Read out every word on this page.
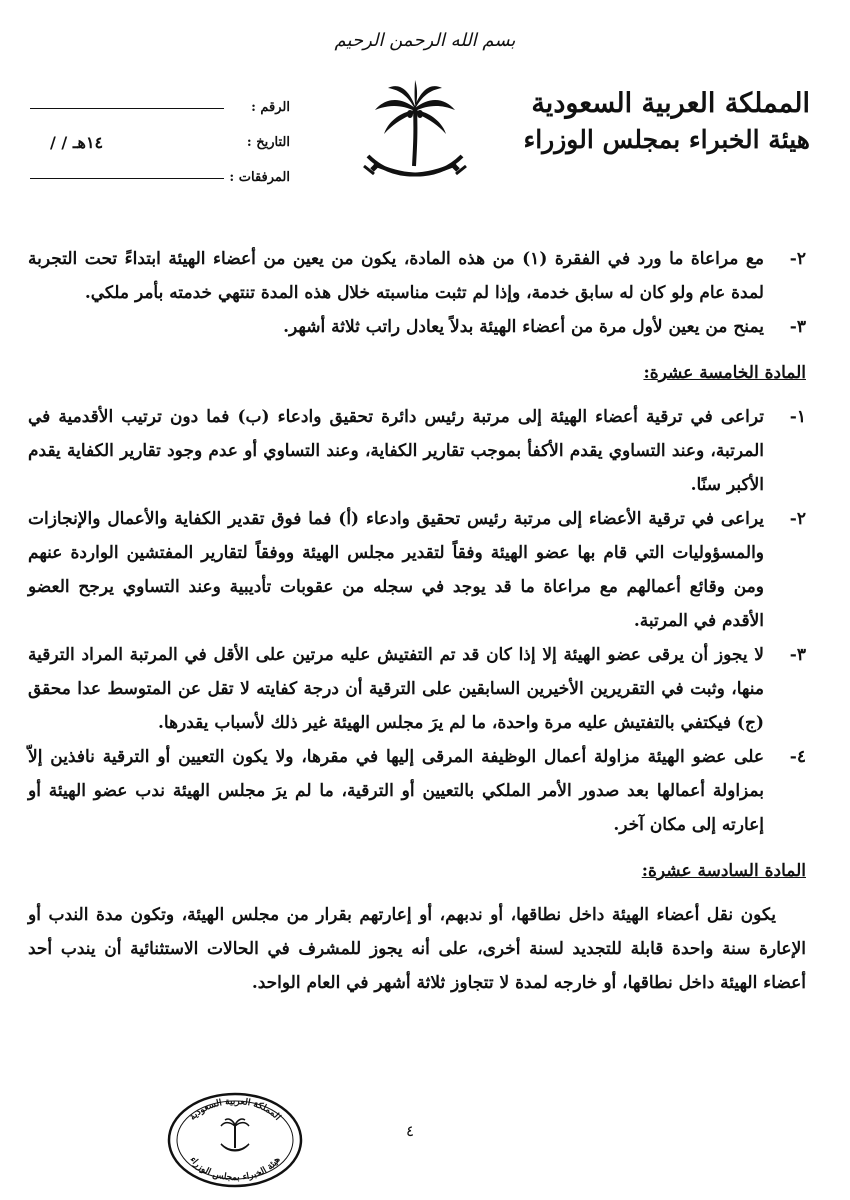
بسم الله الرحمن الرحيم
المملكة العربية السعودية
هيئة الخبراء بمجلس الوزراء
الرقم :
التاريخ :
/ / ١٤هـ
المرفقات :
٢-
مع مراعاة ما ورد في الفقرة (١) من هذه المادة، يكون من يعين من أعضاء الهيئة ابتداءً تحت التجربة لمدة عام ولو كان له سابق خدمة، وإذا لم تثبت مناسبته خلال هذه المدة تنتهي خدمته بأمر ملكي.
٣-
يمنح من يعين لأول مرة من أعضاء الهيئة بدلاً يعادل راتب ثلاثة أشهر.
المادة الخامسة عشرة:
١-
تراعى في ترقية أعضاء الهيئة إلى مرتبة رئيس دائرة تحقيق وادعاء (ب) فما دون ترتيب الأقدمية في المرتبة، وعند التساوي يقدم الأكفأ بموجب تقارير الكفاية، وعند التساوي أو عدم وجود تقارير الكفاية يقدم الأكبر سنًا.
٢-
يراعى في ترقية الأعضاء إلى مرتبة رئيس تحقيق وادعاء (أ) فما فوق تقدير الكفاية والأعمال والإنجازات والمسؤوليات التي قام بها عضو الهيئة وفقاً لتقدير مجلس الهيئة ووفقاً لتقارير المفتشين الواردة عنهم ومن وقائع أعمالهم مع مراعاة ما قد يوجد في سجله من عقوبات تأديبية وعند التساوي يرجح العضو الأقدم في المرتبة.
٣-
لا يجوز أن يرقى عضو الهيئة إلا إذا كان قد تم التفتيش عليه مرتين على الأقل في المرتبة المراد الترقية منها، وثبت في التقريرين الأخيرين السابقين على الترقية أن درجة كفايته لا تقل عن المتوسط عدا محقق (ج) فيكتفي بالتفتيش عليه مرة واحدة، ما لم يرَ مجلس الهيئة غير ذلك لأسباب يقدرها.
٤-
على عضو الهيئة مزاولة أعمال الوظيفة المرقى إليها في مقرها، ولا يكون التعيين أو الترقية نافذين إلاّ بمزاولة أعمالها بعد صدور الأمر الملكي بالتعيين أو الترقية، ما لم يرَ مجلس الهيئة ندب عضو الهيئة أو إعارته إلى مكان آخر.
المادة السادسة عشرة:
يكون نقل أعضاء الهيئة داخل نطاقها، أو ندبهم، أو إعارتهم بقرار من مجلس الهيئة، وتكون مدة الندب أو الإعارة سنة واحدة قابلة للتجديد لسنة أخرى، على أنه يجوز للمشرف في الحالات الاستثنائية أن يندب أحد أعضاء الهيئة داخل نطاقها، أو خارجه لمدة لا تتجاوز ثلاثة أشهر في العام الواحد.
٤
المملكة العربية السعودية
هيئة الخبراء بمجلس الوزراء
